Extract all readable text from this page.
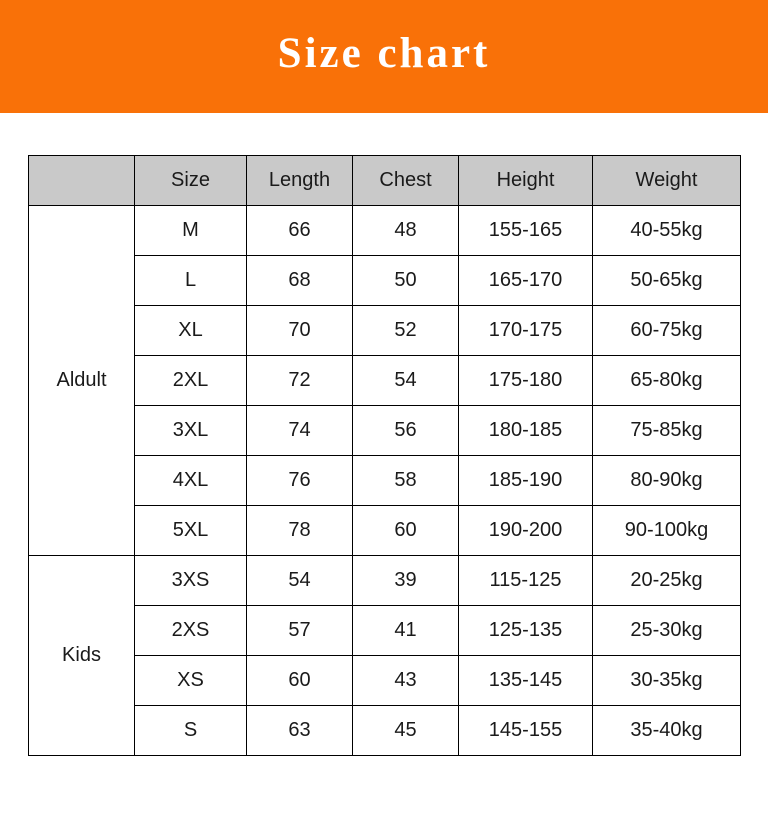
Size chart
	Size	Length	Chest	Height	Weight
Aldult	M	66	48	155-165	40-55kg
	L	68	50	165-170	50-65kg
	XL	70	52	170-175	60-75kg
	2XL	72	54	175-180	65-80kg
	3XL	74	56	180-185	75-85kg
	4XL	76	58	185-190	80-90kg
	5XL	78	60	190-200	90-100kg
Kids	3XS	54	39	115-125	20-25kg
	2XS	57	41	125-135	25-30kg
	XS	60	43	135-145	30-35kg
	S	63	45	145-155	35-40kg
